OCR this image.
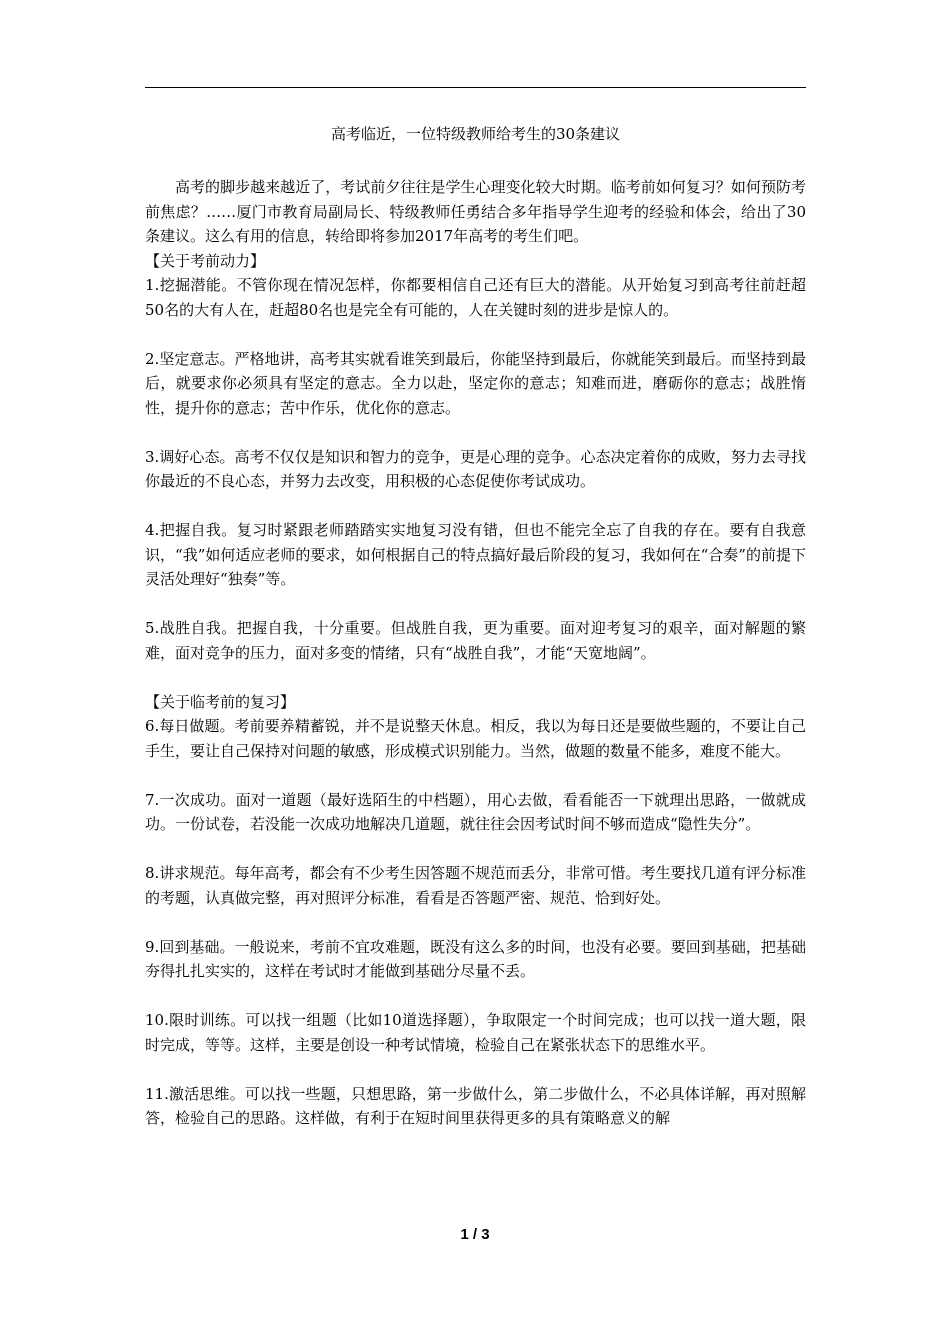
高考临近，一位特级教师给考生的30条建议

高考的脚步越来越近了，考试前夕往往是学生心理变化较大时期。临考前如何复习？如何预防考前焦虑？……厦门市教育局副局长、特级教师任勇结合多年指导学生迎考的经验和体会，给出了30条建议。这么有用的信息，转给即将参加2017年高考的考生们吧。

【关于考前动力】

1.挖掘潜能。不管你现在情况怎样，你都要相信自己还有巨大的潜能。从开始复习到高考往前赶超50名的大有人在，赶超80名也是完全有可能的，人在关键时刻的进步是惊人的。

2.坚定意志。严格地讲，高考其实就看谁笑到最后，你能坚持到最后，你就能笑到最后。而坚持到最后，就要求你必须具有坚定的意志。全力以赴，坚定你的意志；知难而进，磨砺你的意志；战胜惰性，提升你的意志；苦中作乐，优化你的意志。

3.调好心态。高考不仅仅是知识和智力的竞争，更是心理的竞争。心态决定着你的成败，努力去寻找你最近的不良心态，并努力去改变，用积极的心态促使你考试成功。

4.把握自我。复习时紧跟老师踏踏实实地复习没有错，但也不能完全忘了自我的存在。要有自我意识，“我”如何适应老师的要求，如何根据自己的特点搞好最后阶段的复习，我如何在“合奏”的前提下灵活处理好“独奏”等。

5.战胜自我。把握自我，十分重要。但战胜自我，更为重要。面对迎考复习的艰辛，面对解题的繁难，面对竞争的压力，面对多变的情绪，只有“战胜自我”，才能“天宽地阔”。

【关于临考前的复习】

6.每日做题。考前要养精蓄锐，并不是说整天休息。相反，我以为每日还是要做些题的，不要让自己手生，要让自己保持对问题的敏感，形成模式识别能力。当然，做题的数量不能多，难度不能大。

7.一次成功。面对一道题（最好选陌生的中档题），用心去做，看看能否一下就理出思路，一做就成功。一份试卷，若没能一次成功地解决几道题，就往往会因考试时间不够而造成“隐性失分”。

8.讲求规范。每年高考，都会有不少考生因答题不规范而丢分，非常可惜。考生要找几道有评分标准的考题，认真做完整，再对照评分标准，看看是否答题严密、规范、恰到好处。

9.回到基础。一般说来，考前不宜攻难题，既没有这么多的时间，也没有必要。要回到基础，把基础夯得扎扎实实的，这样在考试时才能做到基础分尽量不丢。

10.限时训练。可以找一组题（比如10道选择题），争取限定一个时间完成；也可以找一道大题，限时完成，等等。这样，主要是创设一种考试情境，检验自己在紧张状态下的思维水平。

11.激活思维。可以找一些题，只想思路，第一步做什么，第二步做什么，不必具体详解，再对照解答，检验自己的思路。这样做，有利于在短时间里获得更多的具有策略意义的解

1 / 3
